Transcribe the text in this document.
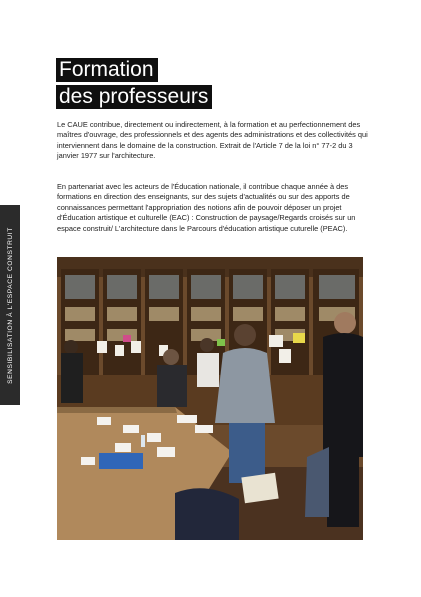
SENSIBILISATION À L'ESPACE CONSTRUIT
Formation
des professeurs

Le CAUE contribue, directement ou indirectement, à la formation et au perfectionnement des maîtres d'ouvrage, des professionnels et des agents des administrations et des collectivités qui interviennent dans le domaine de la construction. Extrait de l'Article 7 de la loi n° 77-2 du 3 janvier 1977 sur l'architecture.

En partenariat avec les acteurs de l'Éducation nationale, il contribue chaque année à des formations en direction des enseignants, sur des sujets d'actualités ou sur des apports de connaissances permettant l'appropriation des notions afin de pouvoir déposer un projet d'Éducation artistique et culturelle (EAC) : Construction de paysage/Regards croisés sur un espace construit/ L'architecture dans le Parcours d'éducation artistique cuturelle (PEAC).
